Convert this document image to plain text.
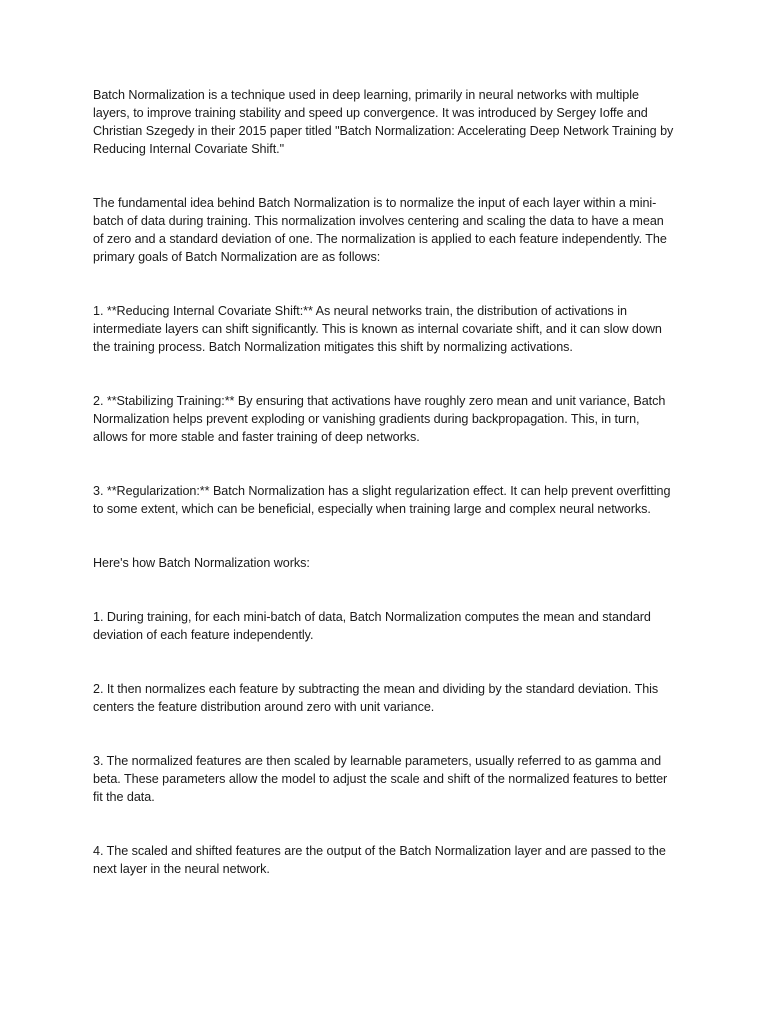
Batch Normalization is a technique used in deep learning, primarily in neural networks with multiple layers, to improve training stability and speed up convergence. It was introduced by Sergey Ioffe and Christian Szegedy in their 2015 paper titled "Batch Normalization: Accelerating Deep Network Training by Reducing Internal Covariate Shift."

The fundamental idea behind Batch Normalization is to normalize the input of each layer within a mini-batch of data during training. This normalization involves centering and scaling the data to have a mean of zero and a standard deviation of one. The normalization is applied to each feature independently. The primary goals of Batch Normalization are as follows:

1. **Reducing Internal Covariate Shift:** As neural networks train, the distribution of activations in intermediate layers can shift significantly. This is known as internal covariate shift, and it can slow down the training process. Batch Normalization mitigates this shift by normalizing activations.

2. **Stabilizing Training:** By ensuring that activations have roughly zero mean and unit variance, Batch Normalization helps prevent exploding or vanishing gradients during backpropagation. This, in turn, allows for more stable and faster training of deep networks.

3. **Regularization:** Batch Normalization has a slight regularization effect. It can help prevent overfitting to some extent, which can be beneficial, especially when training large and complex neural networks.

Here's how Batch Normalization works:

1. During training, for each mini-batch of data, Batch Normalization computes the mean and standard deviation of each feature independently.

2. It then normalizes each feature by subtracting the mean and dividing by the standard deviation. This centers the feature distribution around zero with unit variance.

3. The normalized features are then scaled by learnable parameters, usually referred to as gamma and beta. These parameters allow the model to adjust the scale and shift of the normalized features to better fit the data.

4. The scaled and shifted features are the output of the Batch Normalization layer and are passed to the next layer in the neural network.
